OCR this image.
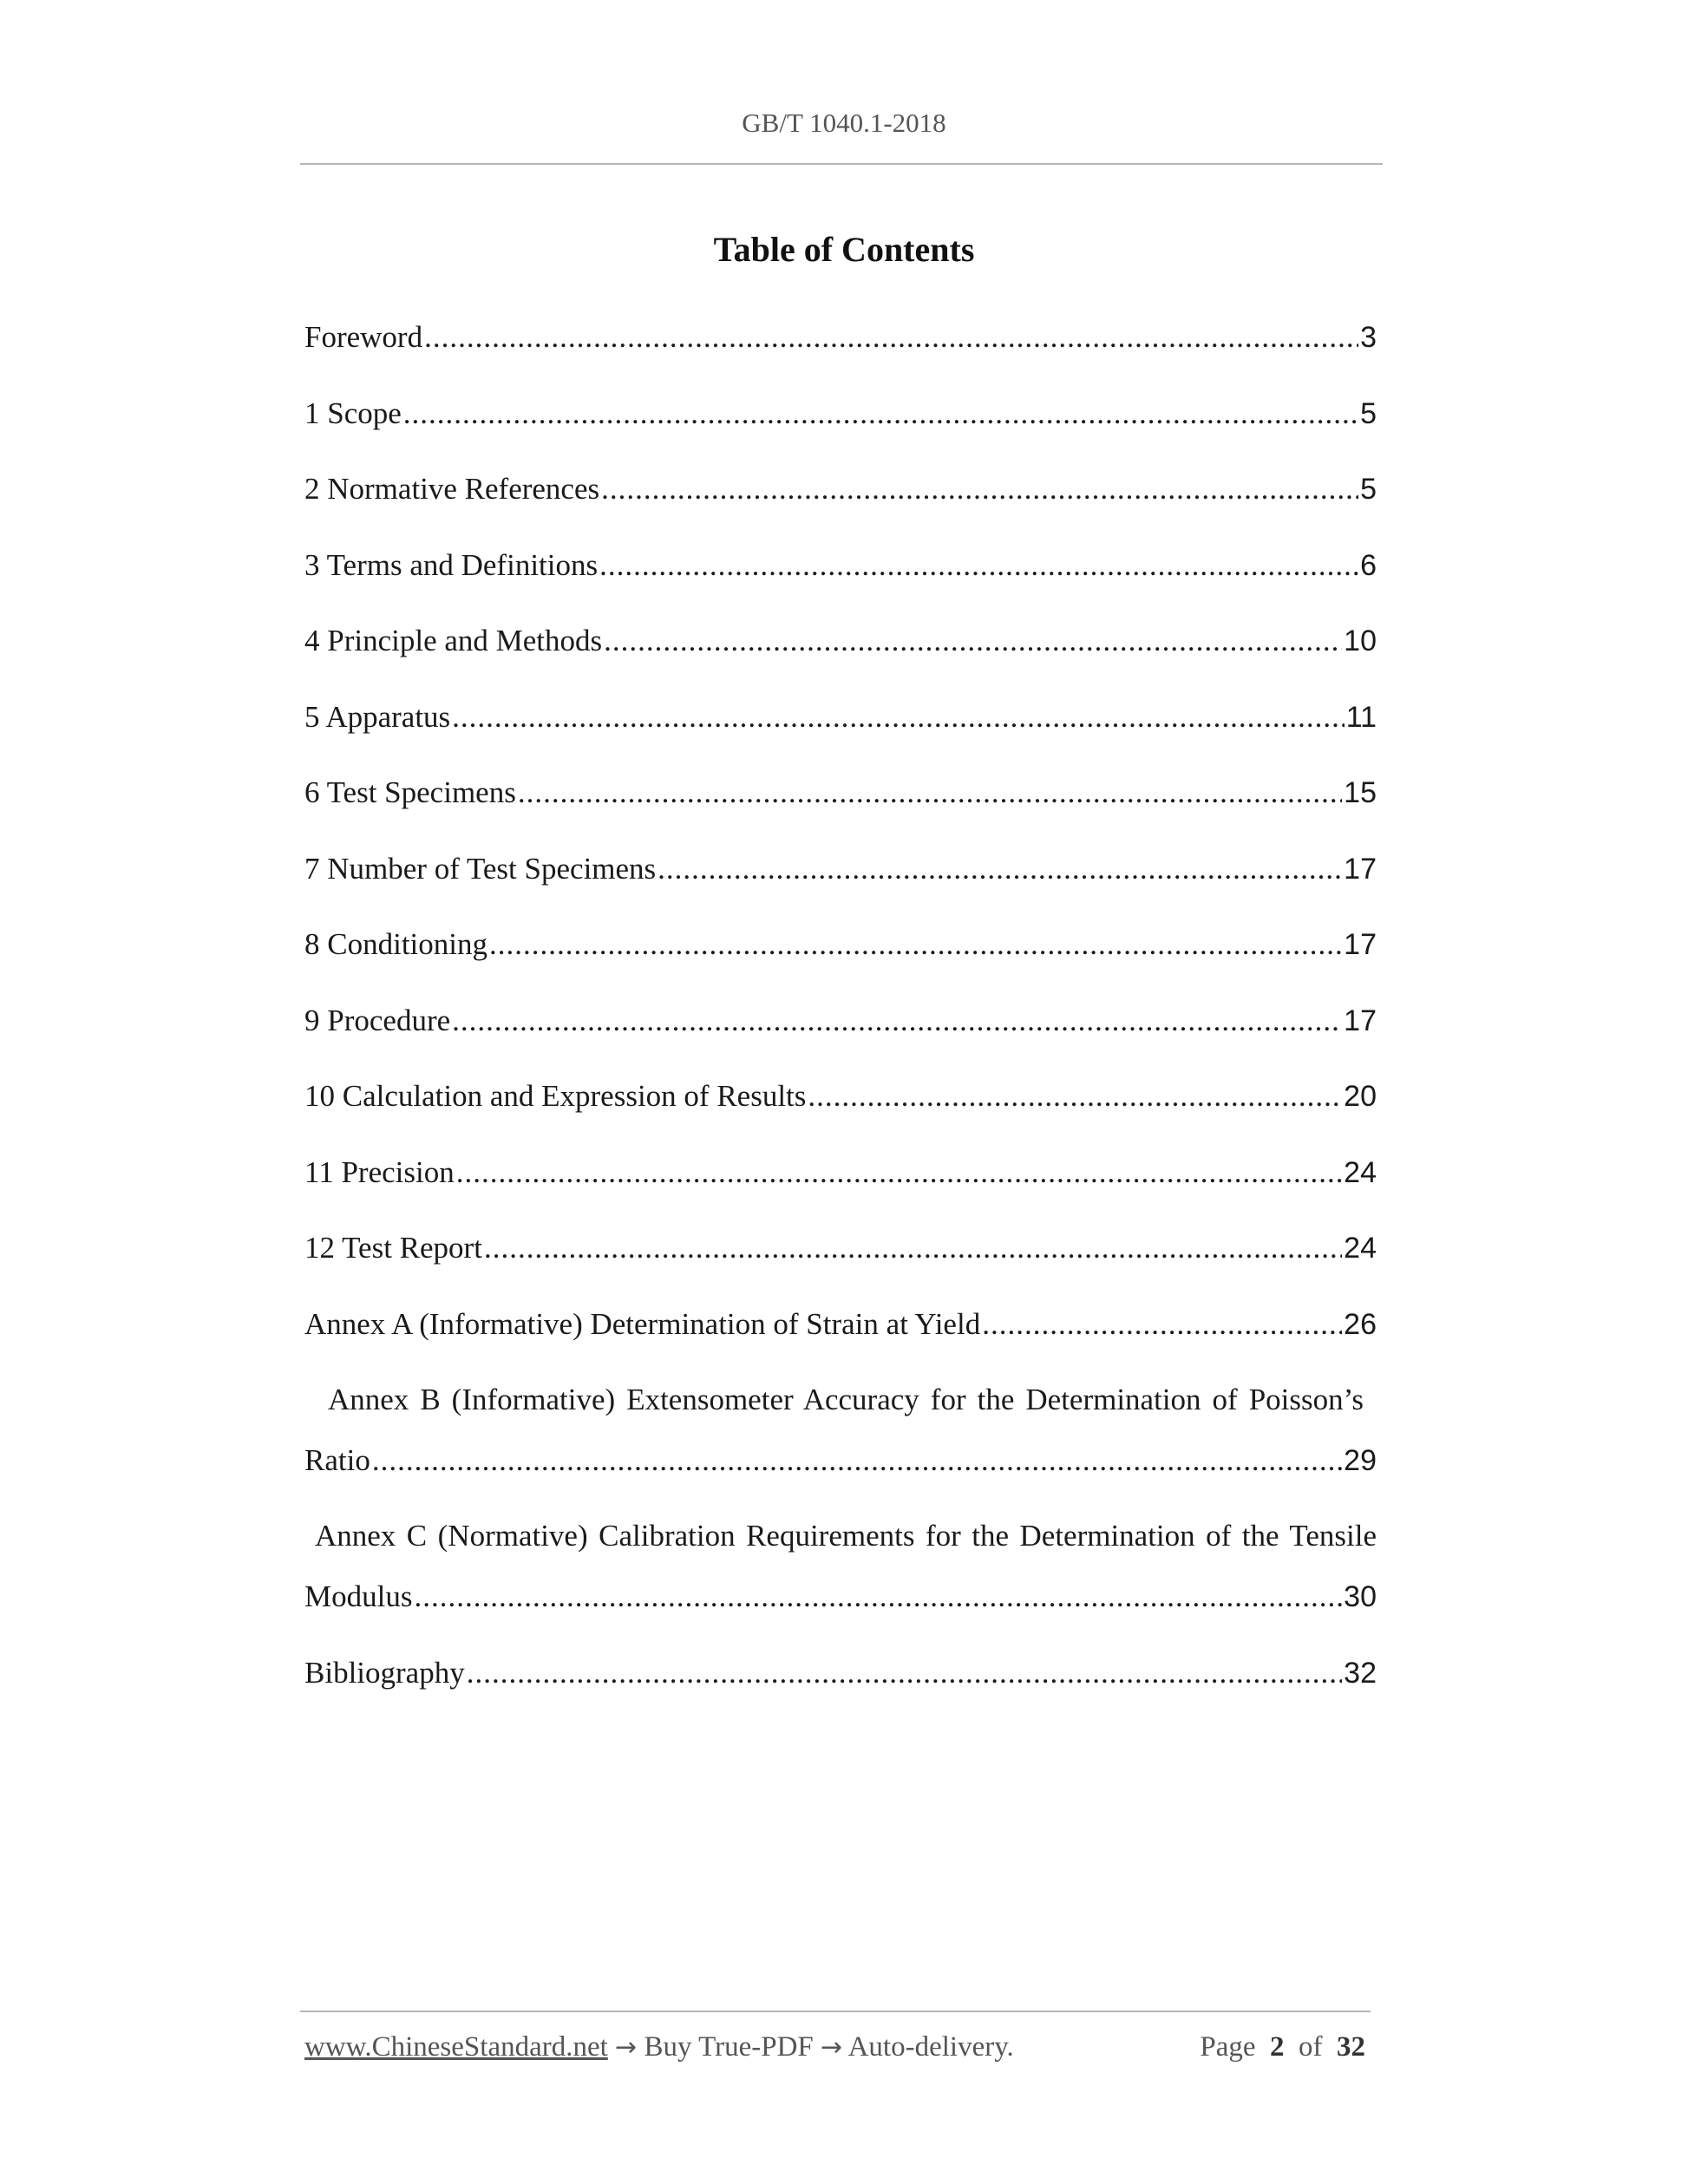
GB/T 1040.1-2018
Table of Contents
Foreword .....	3
1 Scope .....	5
2 Normative References .....	5
3 Terms and Definitions .....	6
4 Principle and Methods .....	10
5 Apparatus .....	11
6 Test Specimens .....	15
7 Number of Test Specimens .....	17
8 Conditioning .....	17
9 Procedure .....	17
10 Calculation and Expression of Results .....	20
11 Precision .....	24
12 Test Report .....	24
Annex A (Informative) Determination of Strain at Yield .....	26
Annex B (Informative) Extensometer Accuracy for the Determination of Poisson’s
Ratio .....	29
Annex C (Normative) Calibration Requirements for the Determination of the Tensile
Modulus .....	30
Bibliography .....	32
www.ChineseStandard.net → Buy True-PDF → Auto-delivery.	Page 2 of 32
